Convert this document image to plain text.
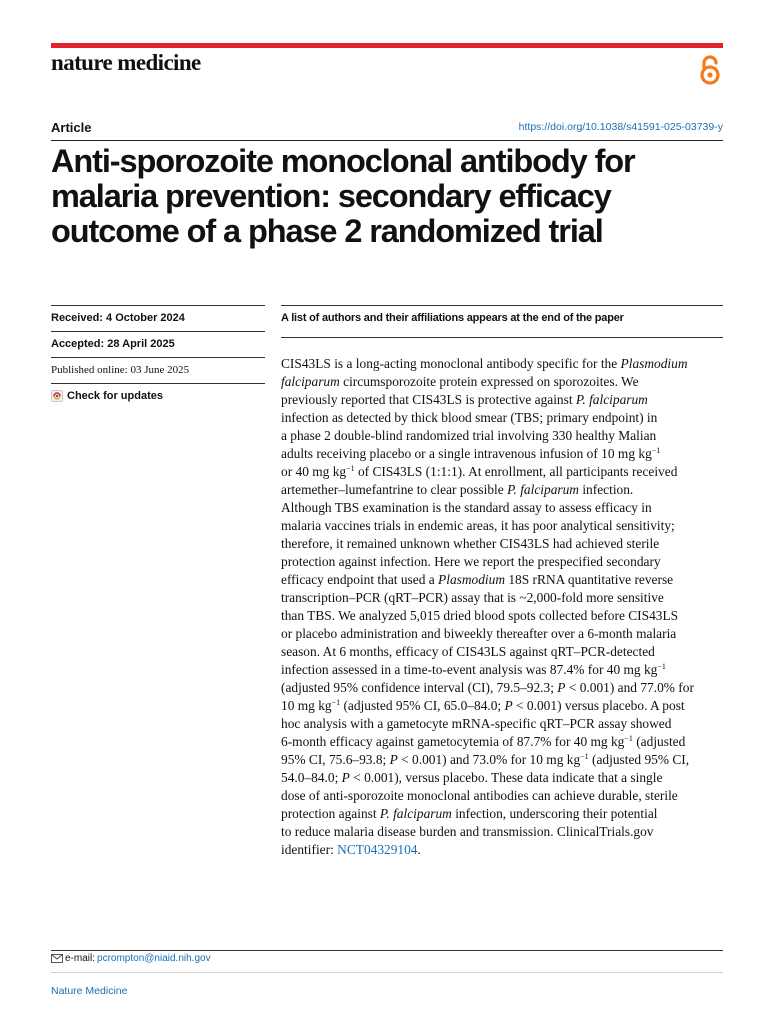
nature medicine
Article	https://doi.org/10.1038/s41591-025-03739-y
Anti-sporozoite monoclonal antibody for
malaria prevention: secondary efficacy
outcome of a phase 2 randomized trial
Received: 4 October 2024
Accepted: 28 April 2025
Published online: 03 June 2025
Check for updates
A list of authors and their affiliations appears at the end of the paper
CIS43LS is a long-acting monoclonal antibody specific for the Plasmodium
falciparum circumsporozoite protein expressed on sporozoites. We
previously reported that CIS43LS is protective against P. falciparum
infection as detected by thick blood smear (TBS; primary endpoint) in
a phase 2 double-blind randomized trial involving 330 healthy Malian
adults receiving placebo or a single intravenous infusion of 10 mg $kg^{-1}$
or 40 mg $kg^{-1}$ of CIS43LS (1:1:1). At enrollment, all participants received
artemether–lumefantrine to clear possible P. falciparum infection.
Although TBS examination is the standard assay to assess efficacy in
malaria vaccines trials in endemic areas, it has poor analytical sensitivity;
therefore, it remained unknown whether CIS43LS had achieved sterile
protection against infection. Here we report the prespecified secondary
efficacy endpoint that used a Plasmodium 18S rRNA quantitative reverse
transcription–PCR (qRT–PCR) assay that is ~2,000-fold more sensitive
than TBS. We analyzed 5,015 dried blood spots collected before CIS43LS
or placebo administration and biweekly thereafter over a 6-month malaria
season. At 6 months, efficacy of CIS43LS against qRT–PCR-detected
infection assessed in a time-to-event analysis was 87.4% for 40 mg $kg^{-1}$
(adjusted 95% confidence interval (CI), 79.5–92.3; P < 0.001) and 77.0% for
10 mg $kg^{-1}$ (adjusted 95% CI, 65.0–84.0; P < 0.001) versus placebo. A post
hoc analysis with a gametocyte mRNA-specific qRT–PCR assay showed
6-month efficacy against gametocytemia of 87.7% for 40 mg $kg^{-1}$ (adjusted
95% CI, 75.6–93.8; P < 0.001) and 73.0% for 10 mg $kg^{-1}$ (adjusted 95% CI,
54.0–84.0; P < 0.001), versus placebo. These data indicate that a single
dose of anti-sporozoite monoclonal antibodies can achieve durable, sterile
protection against P. falciparum infection, underscoring their potential
to reduce malaria disease burden and transmission. ClinicalTrials.gov
identifier: NCT04329104.
e-mail: pcrompton@niaid.nih.gov
Nature Medicine
